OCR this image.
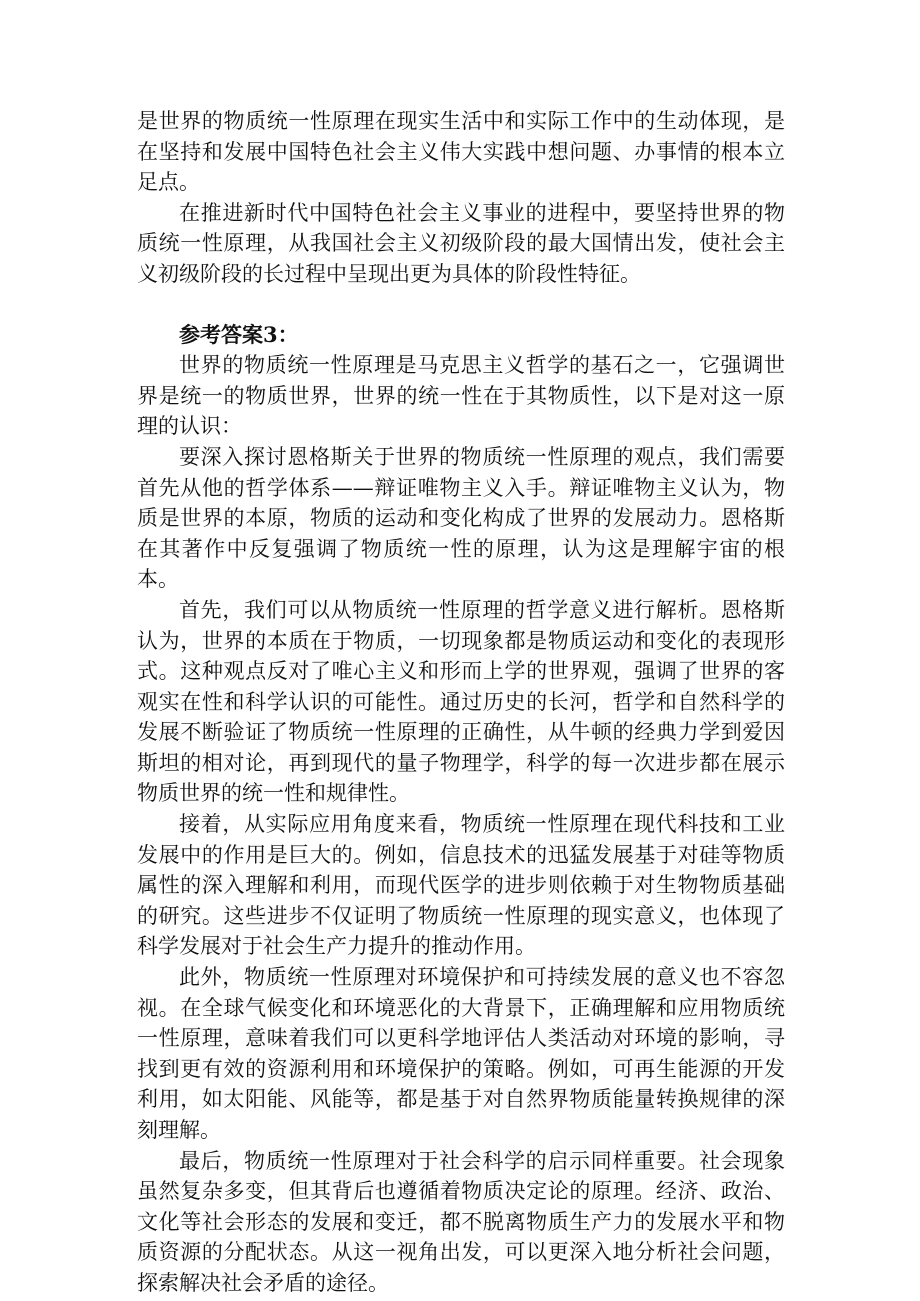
是世界的物质统一性原理在现实生活中和实际工作中的生动体现，是在坚持和发展中国特色社会主义伟大实践中想问题、办事情的根本立足点。

在推进新时代中国特色社会主义事业的进程中，要坚持世界的物质统一性原理，从我国社会主义初级阶段的最大国情出发，使社会主义初级阶段的长过程中呈现出更为具体的阶段性特征。

参考答案3：

世界的物质统一性原理是马克思主义哲学的基石之一，它强调世界是统一的物质世界，世界的统一性在于其物质性，以下是对这一原理的认识：

要深入探讨恩格斯关于世界的物质统一性原理的观点，我们需要首先从他的哲学体系——辩证唯物主义入手。辩证唯物主义认为，物质是世界的本原，物质的运动和变化构成了世界的发展动力。恩格斯在其著作中反复强调了物质统一性的原理，认为这是理解宇宙的根本。

首先，我们可以从物质统一性原理的哲学意义进行解析。恩格斯认为，世界的本质在于物质，一切现象都是物质运动和变化的表现形式。这种观点反对了唯心主义和形而上学的世界观，强调了世界的客观实在性和科学认识的可能性。通过历史的长河，哲学和自然科学的发展不断验证了物质统一性原理的正确性，从牛顿的经典力学到爱因斯坦的相对论，再到现代的量子物理学，科学的每一次进步都在展示物质世界的统一性和规律性。

接着，从实际应用角度来看，物质统一性原理在现代科技和工业发展中的作用是巨大的。例如，信息技术的迅猛发展基于对硅等物质属性的深入理解和利用，而现代医学的进步则依赖于对生物物质基础的研究。这些进步不仅证明了物质统一性原理的现实意义，也体现了科学发展对于社会生产力提升的推动作用。

此外，物质统一性原理对环境保护和可持续发展的意义也不容忽视。在全球气候变化和环境恶化的大背景下，正确理解和应用物质统一性原理，意味着我们可以更科学地评估人类活动对环境的影响，寻找到更有效的资源利用和环境保护的策略。例如，可再生能源的开发利用，如太阳能、风能等，都是基于对自然界物质能量转换规律的深刻理解。

最后，物质统一性原理对于社会科学的启示同样重要。社会现象虽然复杂多变，但其背后也遵循着物质决定论的原理。经济、政治、文化等社会形态的发展和变迁，都不脱离物质生产力的发展水平和物质资源的分配状态。从这一视角出发，可以更深入地分析社会问题，探索解决社会矛盾的途径。
